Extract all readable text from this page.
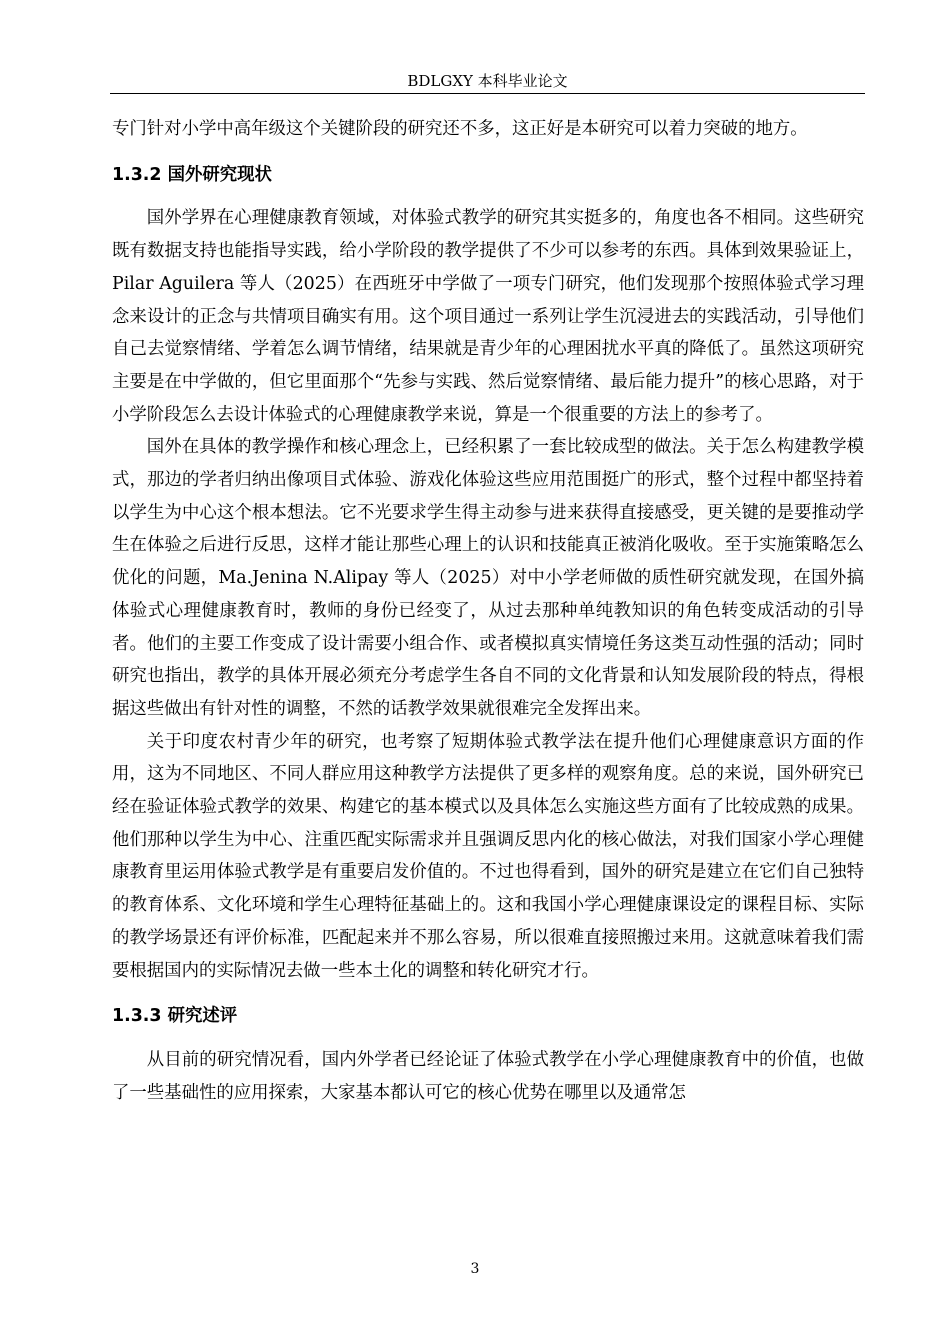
BDLGXY 本科毕业论文

专门针对小学中高年级这个关键阶段的研究还不多，这正好是本研究可以着力突破的地方。

1.3.2 国外研究现状

国外学界在心理健康教育领域，对体验式教学的研究其实挺多的，角度也各不相同。这些研究既有数据支持也能指导实践，给小学阶段的教学提供了不少可以参考的东西。具体到效果验证上，Pilar Aguilera 等人（2025）在西班牙中学做了一项专门研究，他们发现那个按照体验式学习理念来设计的正念与共情项目确实有用。这个项目通过一系列让学生沉浸进去的实践活动，引导他们自己去觉察情绪、学着怎么调节情绪，结果就是青少年的心理困扰水平真的降低了。虽然这项研究主要是在中学做的，但它里面那个“先参与实践、然后觉察情绪、最后能力提升”的核心思路，对于小学阶段怎么去设计体验式的心理健康教学来说，算是一个很重要的方法上的参考了。

国外在具体的教学操作和核心理念上，已经积累了一套比较成型的做法。关于怎么构建教学模式，那边的学者归纳出像项目式体验、游戏化体验这些应用范围挺广的形式，整个过程中都坚持着以学生为中心这个根本想法。它不光要求学生得主动参与进来获得直接感受，更关键的是要推动学生在体验之后进行反思，这样才能让那些心理上的认识和技能真正被消化吸收。至于实施策略怎么优化的问题，Ma.Jenina N.Alipay 等人（2025）对中小学老师做的质性研究就发现，在国外搞体验式心理健康教育时，教师的身份已经变了，从过去那种单纯教知识的角色转变成活动的引导者。他们的主要工作变成了设计需要小组合作、或者模拟真实情境任务这类互动性强的活动；同时研究也指出，教学的具体开展必须充分考虑学生各自不同的文化背景和认知发展阶段的特点，得根据这些做出有针对性的调整，不然的话教学效果就很难完全发挥出来。

关于印度农村青少年的研究，也考察了短期体验式教学法在提升他们心理健康意识方面的作用，这为不同地区、不同人群应用这种教学方法提供了更多样的观察角度。总的来说，国外研究已经在验证体验式教学的效果、构建它的基本模式以及具体怎么实施这些方面有了比较成熟的成果。他们那种以学生为中心、注重匹配实际需求并且强调反思内化的核心做法，对我们国家小学心理健康教育里运用体验式教学是有重要启发价值的。不过也得看到，国外的研究是建立在它们自己独特的教育体系、文化环境和学生心理特征基础上的。这和我国小学心理健康课设定的课程目标、实际的教学场景还有评价标准，匹配起来并不那么容易，所以很难直接照搬过来用。这就意味着我们需要根据国内的实际情况去做一些本土化的调整和转化研究才行。

1.3.3 研究述评

从目前的研究情况看，国内外学者已经论证了体验式教学在小学心理健康教育中的价值，也做了一些基础性的应用探索，大家基本都认可它的核心优势在哪里以及通常怎

3
